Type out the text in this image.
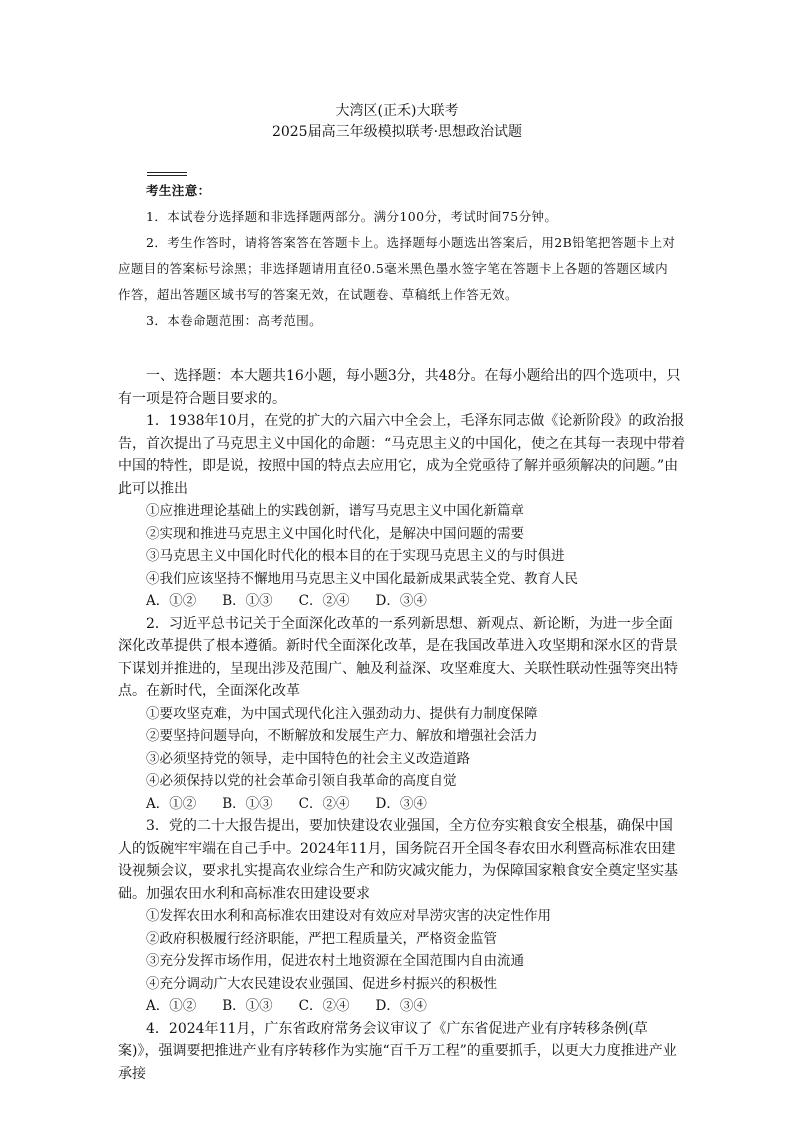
大湾区(正禾)大联考
2025届高三年级模拟联考·思想政治试题

考生注意：

1．本试卷分选择题和非选择题两部分。满分100分，考试时间75分钟。

2．考生作答时，请将答案答在答题卡上。选择题每小题选出答案后，用2B铅笔把答题卡上对应题目的答案标号涂黑；非选择题请用直径0.5毫米黑色墨水签字笔在答题卡上各题的答题区域内作答，超出答题区域书写的答案无效，在试题卷、草稿纸上作答无效。

3．本卷命题范围：高考范围。

一、选择题：本大题共16小题，每小题3分，共48分。在每小题给出的四个选项中，只有一项是符合题目要求的。

1．1938年10月，在党的扩大的六届六中全会上，毛泽东同志做《论新阶段》的政治报告，首次提出了马克思主义中国化的命题：“马克思主义的中国化，使之在其每一表现中带着中国的特性，即是说，按照中国的特点去应用它，成为全党亟待了解并亟须解决的问题。”由此可以推出

①应推进理论基础上的实践创新，谱写马克思主义中国化新篇章

②实现和推进马克思主义中国化时代化，是解决中国问题的需要

③马克思主义中国化时代化的根本目的在于实现马克思主义的与时俱进

④我们应该坚持不懈地用马克思主义中国化最新成果武装全党、教育人民

A．①② B．①③ C．②④ D．③④

2．习近平总书记关于全面深化改革的一系列新思想、新观点、新论断，为进一步全面深化改革提供了根本遵循。新时代全面深化改革，是在我国改革进入攻坚期和深水区的背景下谋划并推进的，呈现出涉及范围广、触及利益深、攻坚难度大、关联性联动性强等突出特点。在新时代，全面深化改革

①要攻坚克难，为中国式现代化注入强劲动力、提供有力制度保障

②要坚持问题导向，不断解放和发展生产力、解放和增强社会活力

③必须坚持党的领导，走中国特色的社会主义改造道路

④必须保持以党的社会革命引领自我革命的高度自觉

A．①② B．①③ C．②④ D．③④

3．党的二十大报告提出，要加快建设农业强国，全方位夯实粮食安全根基，确保中国人的饭碗牢牢端在自己手中。2024年11月，国务院召开全国冬春农田水利暨高标准农田建设视频会议，要求扎实提高农业综合生产和防灾减灾能力，为保障国家粮食安全奠定坚实基础。加强农田水利和高标准农田建设要求

①发挥农田水利和高标准农田建设对有效应对旱涝灾害的决定性作用

②政府积极履行经济职能，严把工程质量关，严格资金监管

③充分发挥市场作用，促进农村土地资源在全国范围内自由流通

④充分调动广大农民建设农业强国、促进乡村振兴的积极性

A．①② B．①③ C．②④ D．③④

4．2024年11月，广东省政府常务会议审议了《广东省促进产业有序转移条例(草案)》，强调要把推进产业有序转移作为实施“百千万工程”的重要抓手，以更大力度推进产业承接
